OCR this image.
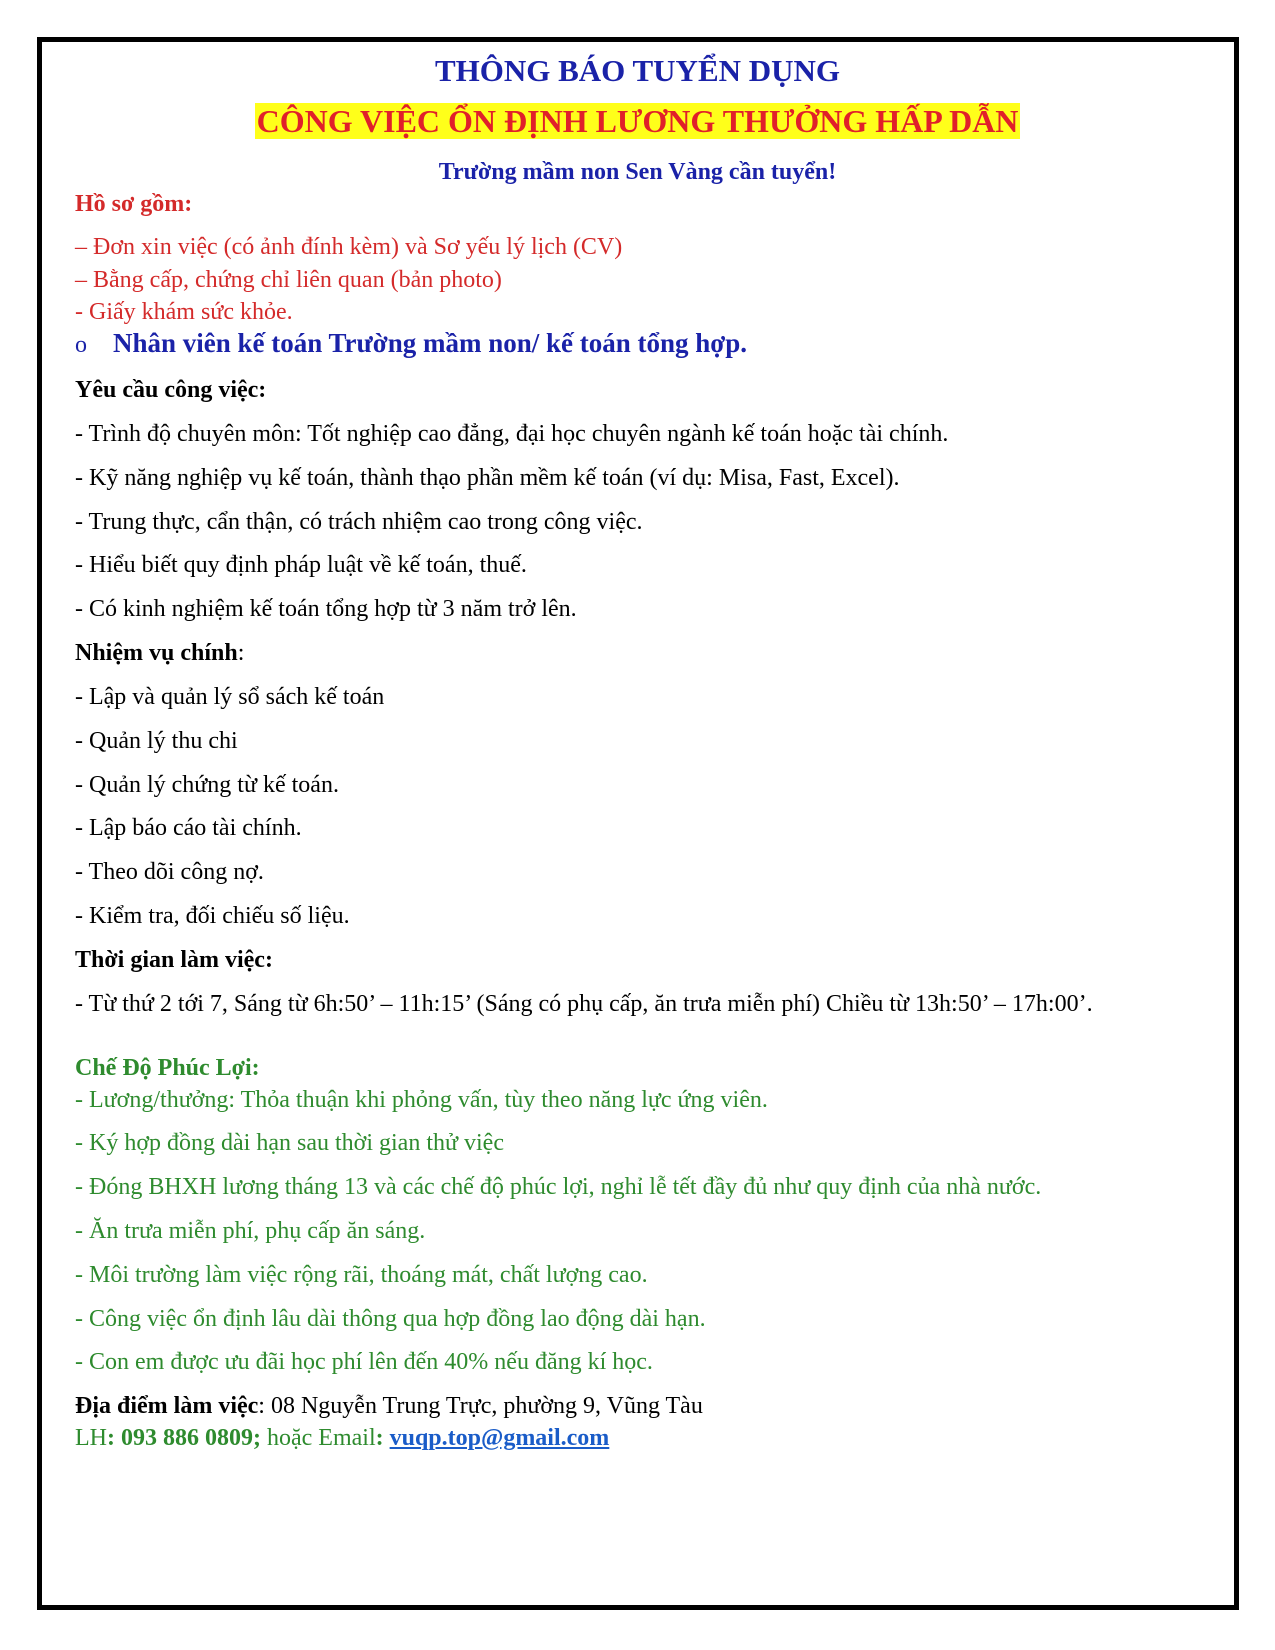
THÔNG BÁO TUYỂN DỤNG
CÔNG VIỆC ỔN ĐỊNH LƯƠNG THƯỞNG HẤP DẪN
Trường mầm non Sen Vàng cần tuyển!
Hồ sơ gồm:
– Đơn xin việc (có ảnh đính kèm) và Sơ yếu lý lịch (CV)
– Bằng cấp, chứng chỉ liên quan (bản photo)
- Giấy khám sức khỏe.
o Nhân viên kế toán Trường mầm non/ kế toán tổng hợp.
Yêu cầu công việc:
- Trình độ chuyên môn: Tốt nghiệp cao đẳng, đại học chuyên ngành kế toán hoặc tài chính.
- Kỹ năng nghiệp vụ kế toán, thành thạo phần mềm kế toán (ví dụ: Misa, Fast, Excel).
- Trung thực, cẩn thận, có trách nhiệm cao trong công việc.
- Hiểu biết quy định pháp luật về kế toán, thuế.
- Có kinh nghiệm kế toán tổng hợp từ 3 năm trở lên.
Nhiệm vụ chính:
- Lập và quản lý sổ sách kế toán
- Quản lý thu chi
- Quản lý chứng từ kế toán.
- Lập báo cáo tài chính.
- Theo dõi công nợ.
- Kiểm tra, đối chiếu số liệu.
Thời gian làm việc:
- Từ thứ 2 tới 7, Sáng từ 6h:50’ – 11h:15’ (Sáng có phụ cấp, ăn trưa miễn phí) Chiều từ 13h:50’ – 17h:00’.
Chế Độ Phúc Lợi:
- Lương/thưởng: Thỏa thuận khi phỏng vấn, tùy theo năng lực ứng viên.
- Ký hợp đồng dài hạn sau thời gian thử việc
- Đóng BHXH lương tháng 13 và các chế độ phúc lợi, nghỉ lễ tết đầy đủ như quy định của nhà nước.
- Ăn trưa miễn phí, phụ cấp ăn sáng.
- Môi trường làm việc rộng rãi, thoáng mát, chất lượng cao.
- Công việc ổn định lâu dài thông qua hợp đồng lao động dài hạn.
- Con em được ưu đãi học phí lên đến 40% nếu đăng kí học.
Địa điểm làm việc: 08 Nguyễn Trung Trực, phường 9, Vũng Tàu
LH: 093 886 0809; hoặc Email: vuqp.top@gmail.com
